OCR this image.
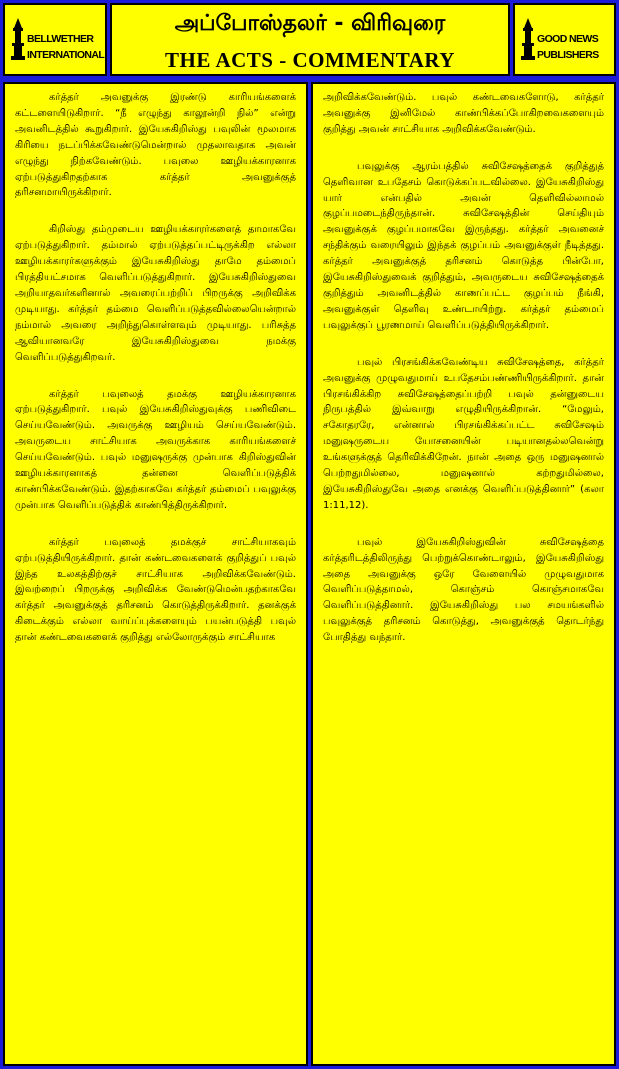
BELLWETHER
INTERNATIONAL
அப்போஸ்தலர் - விரிவுரை
THE ACTS - COMMENTARY
GOOD NEWS
PUBLISHERS

கர்த்தர் அவனுக்கு இரண்டு காரியங்களைக் கட்டளையிடுகிறார். “நீ எழுந்து காலூன்றி நில்” என்று அவனிடத்தில் கூறுகிறார். இயேசுகிறிஸ்து பவுலின் மூலமாக கிரியை நடப்பிக்கவேண்டுமென்றால் முதலாவதாக அவன் எழுந்து நிற்கவேண்டும். பவுலை ஊழியக்காரனாக ஏற்படுத்துகிறதற்காக கர்த்தர் அவனுக்குத் தரிசனமாயிருக்கிறார்.

கிறிஸ்து தம்முடைய ஊழியக்காரர்களைத் தாமாகவே ஏற்படுத்துகிறார். தம்மால் ஏற்படுத்தப்பட்டிருக்கிற எல்லா ஊழியக்காரர்களுக்கும் இயேசுகிறிஸ்து தாமே தம்மைப் பிரத்தியட்சமாக வெளிப்படுத்துகிறார். இயேசுகிறிஸ்துவை அறியாதவர்களினால் அவரைப்பற்றிப் பிறருக்கு அறிவிக்க முடியாது. கர்த்தர் தம்மை வெளிப்படுத்தவில்லையென்றால் நம்மால் அவரை அறிந்துகொள்ளவும் முடியாது. பரிசுத்த ஆவியானவரே இயேசுகிறிஸ்துவை நமக்கு வெளிப்படுத்துகிறவர்.

கர்த்தர் பவுலைத் தமக்கு ஊழியக்காரனாக ஏற்படுத்துகிறார். பவுல் இயேசுகிறிஸ்துவுக்கு பணிவிடை செய்யவேண்டும். அவருக்கு ஊழியம் செய்யவேண்டும். அவருடைய சாட்சியாக அவருக்காக காரியங்களைச் செய்யவேண்டும். பவுல் மனுஷருக்கு முன்பாக கிறிஸ்துவின் ஊழியக்காரனாகத் தன்னை வெளிப்படுத்திக் காண்பிக்கவேண்டும். இதற்காகவே கர்த்தர் தம்மைப் பவுலுக்கு முன்பாக வெளிப்படுத்திக் காண்பித்திருக்கிறார்.

கர்த்தர் பவுலைத் தமக்குச் சாட்சியாகவும் ஏற்படுத்தியிருக்கிறார். தான் கண்டவைகளைக் குறித்துப் பவுல் இந்த உலகத்திற்குச் சாட்சியாக அறிவிக்கவேண்டும். இவற்றைப் பிறருக்கு அறிவிக்க வேண்டுமென்பதற்காகவே கர்த்தர் அவனுக்குத் தரிசனம் கொடுத்திருக்கிறார். தனக்குக் கிடைக்கும் எல்லா வாய்ப்புக்களையும் பயன்படுத்தி பவுல் தான் கண்டவைகளைக் குறித்து எல்லோருக்கும் சாட்சியாக

அறிவிக்கவேண்டும். பவுல் கண்டவைகளோடு, கர்த்தர் அவனுக்கு இனிமேல் காண்பிக்கப்போகிறவைகளையும் குறித்து அவன் சாட்சியாக அறிவிக்கவேண்டும்.

பவுலுக்கு ஆரம்பத்தில் சுவிசேஷத்தைக் குறித்துத் தெளிவான உபதேசம் கொடுக்கப்படவில்லை. இயேசுகிறிஸ்து யார் என்பதில் அவன் தெளிவில்லாமல் குழப்பமடைந்திருந்தான். சுவிசேஷத்தின் செய்தியும் அவனுக்குக் குழப்பமாகவே இருந்தது. கர்த்தர் அவனைச் சந்திக்கும் வரையிலும் இந்தக் குழப்பம் அவனுக்குள் நீடித்தது. கர்த்தர் அவனுக்குத் தரிசனம் கொடுத்த பின்போ, இயேசுகிறிஸ்துவைக் குறித்தும், அவருடைய சுவிசேஷத்தைக் குறித்தும் அவனிடத்தில் காணப்பட்ட குழப்பம் நீங்கி, அவனுக்குள் தெளிவு உண்டாயிற்று. கர்த்தர் தம்மைப் பவுலுக்குப் பூரணமாய் வெளிப்படுத்தியிருக்கிறார்.

பவுல் பிரசங்கிக்கவேண்டிய சுவிசேஷத்தை, கர்த்தர் அவனுக்கு முழுவதுமாய் உபதேசம்பண்ணியிருக்கிறார். தான் பிரசங்கிக்கிற சுவிசேஷத்தைப்பற்றி பவுல் தன்னுடைய நிருபத்தில் இவ்வாறு எழுதியிருக்கிறான். “மேலும், சகோதரரே, என்னால் பிரசங்கிக்கப்பட்ட சுவிசேஷம் மனுஷருடைய யோசனையின் படியானதல்லவென்று உங்களுக்குத் தெரிவிக்கிறேன். நான் அதை ஒரு மனுஷனால் பெற்றதுமில்லை, மனுஷனால் கற்றதுமில்லை, இயேசுகிறிஸ்துவே அதை எனக்கு வெளிப்படுத்தினார்” (கலா 1:11,12).

பவுல் இயேசுகிறிஸ்துவின் சுவிசேஷத்தை கர்த்தரிடத்திலிருந்து பெற்றுக்கொண்டாலும், இயேசுகிறிஸ்து அதை அவனுக்கு ஒரே வேளையில் முழுவதுமாக வெளிப்படுத்தாமல், கொஞ்சம் கொஞ்சமாகவே வெளிப்படுத்தினார். இயேசுகிறிஸ்து பல சமயங்களில் பவுலுக்குத் தரிசனம் கொடுத்து, அவனுக்குத் தொடர்ந்து போதித்து வந்தார்.
